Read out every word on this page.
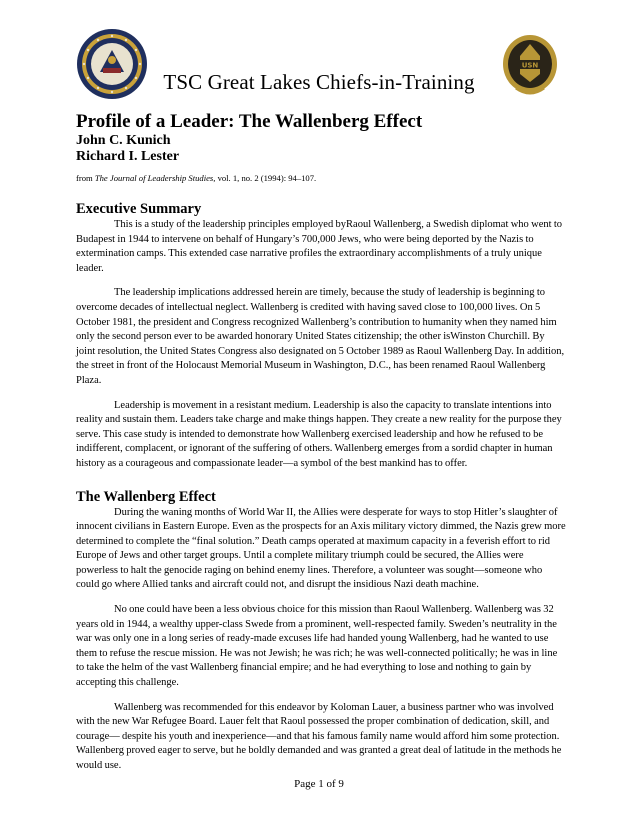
USN
TSC Great Lakes Chiefs-in-Training
Profile of a Leader: The Wallenberg Effect
John C. Kunich
Richard I. Lester
from The Journal of Leadership Studies, vol. 1, no. 2 (1994): 94–107.
Executive Summary

This is a study of the leadership principles employed byRaoul Wallenberg, a Swedish diplomat who went to Budapest in 1944 to intervene on behalf of Hungary’s 700,000 Jews, who were being deported by the Nazis to extermination camps. This extended case narrative profiles the extraordinary accomplishments of a truly unique leader.

The leadership implications addressed herein are timely, because the study of leadership is beginning to overcome decades of intellectual neglect. Wallenberg is credited with having saved close to 100,000 lives. On 5 October 1981, the president and Congress recognized Wallenberg’s contribution to humanity when they named him only the second person ever to be awarded honorary United States citizenship; the other isWinston Churchill. By joint resolution, the United States Congress also designated on 5 October 1989 as Raoul Wallenberg Day. In addition, the street in front of the Holocaust Memorial Museum in Washington, D.C., has been renamed Raoul Wallenberg Plaza.

Leadership is movement in a resistant medium. Leadership is also the capacity to translate intentions into reality and sustain them. Leaders take charge and make things happen. They create a new reality for the purpose they serve. This case study is intended to demonstrate how Wallenberg exercised leadership and how he refused to be indifferent, complacent, or ignorant of the suffering of others. Wallenberg emerges from a sordid chapter in human history as a courageous and compassionate leader—a symbol of the best mankind has to offer.

The Wallenberg Effect

During the waning months of World War II, the Allies were desperate for ways to stop Hitler’s slaughter of innocent civilians in Eastern Europe. Even as the prospects for an Axis military victory dimmed, the Nazis grew more determined to complete the “final solution.” Death camps operated at maximum capacity in a feverish effort to rid Europe of Jews and other target groups. Until a complete military triumph could be secured, the Allies were powerless to halt the genocide raging on behind enemy lines. Therefore, a volunteer was sought—someone who could go where Allied tanks and aircraft could not, and disrupt the insidious Nazi death machine.

No one could have been a less obvious choice for this mission than Raoul Wallenberg. Wallenberg was 32 years old in 1944, a wealthy upper-class Swede from a prominent, well-respected family. Sweden’s neutrality in the war was only one in a long series of ready-made excuses life had handed young Wallenberg, had he wanted to use them to refuse the rescue mission. He was not Jewish; he was rich; he was well-connected politically; he was in line to take the helm of the vast Wallenberg financial empire; and he had everything to lose and nothing to gain by accepting this challenge.

Wallenberg was recommended for this endeavor by Koloman Lauer, a business partner who was involved with the new War Refugee Board. Lauer felt that Raoul possessed the proper combination of dedication, skill, and courage— despite his youth and inexperience—and that his famous family name would afford him some protection. Wallenberg proved eager to serve, but he boldly demanded and was granted a great deal of latitude in the methods he would use.

Page 1 of 9
